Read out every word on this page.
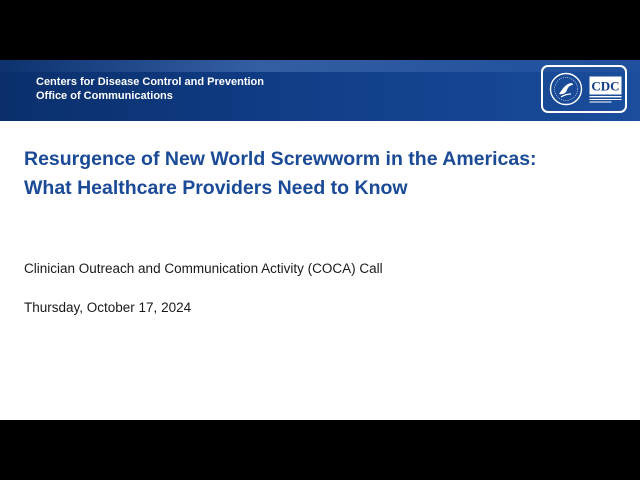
Centers for Disease Control and Prevention
Office of Communications
CDC
Resurgence of New World Screwworm in the Americas:
What Healthcare Providers Need to Know
Clinician Outreach and Communication Activity (COCA) Call
Thursday, October 17, 2024
